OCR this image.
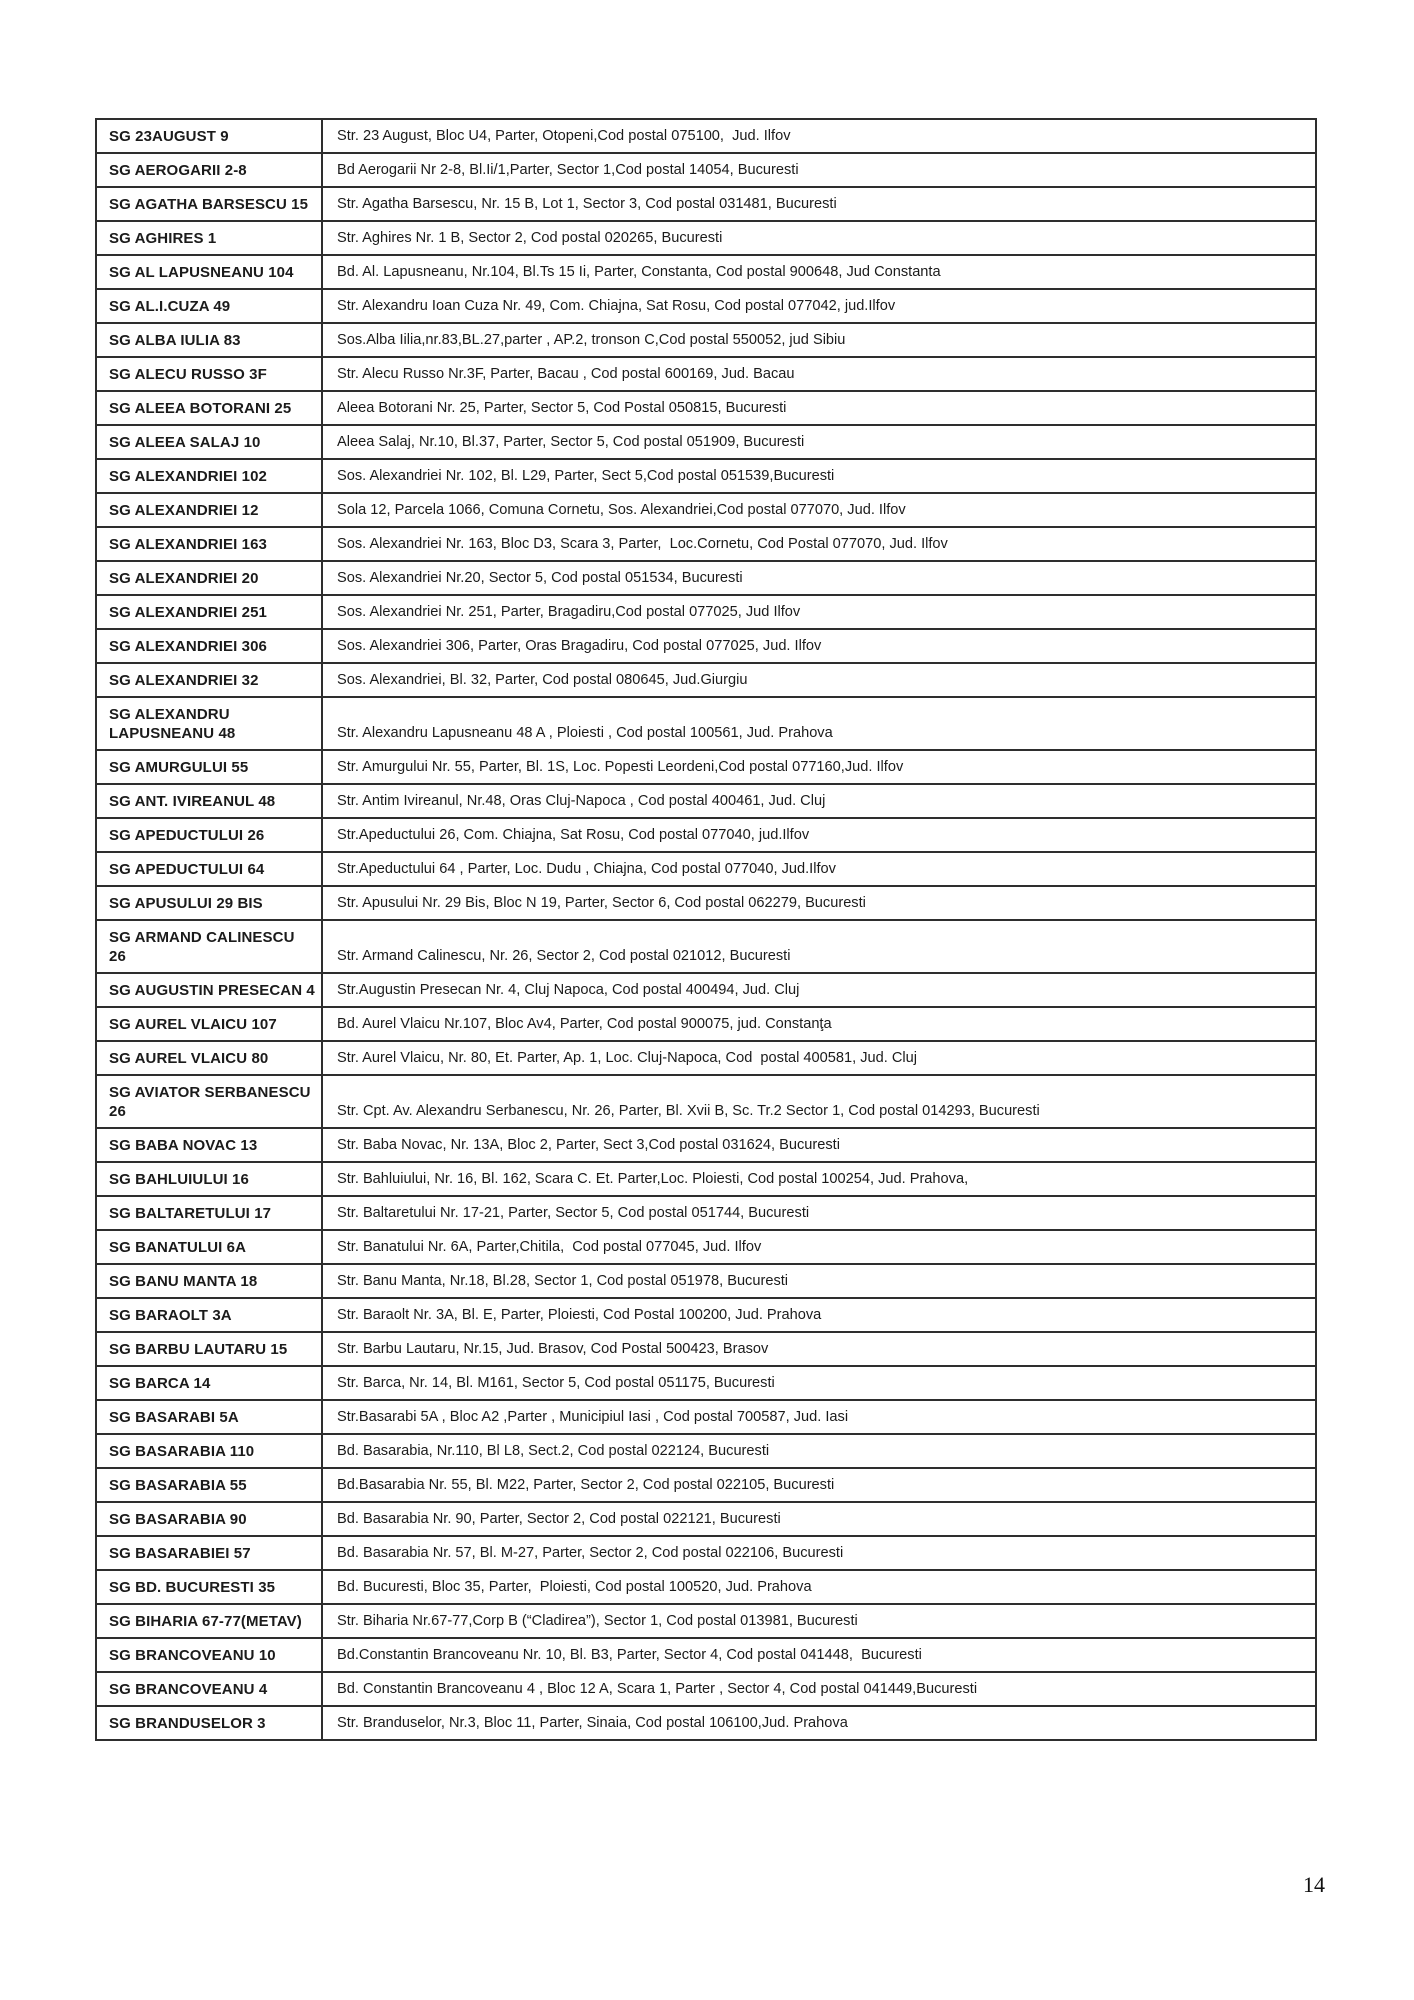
SG 23AUGUST 9	Str. 23 August, Bloc U4, Parter, Otopeni,Cod postal 075100,  Jud. Ilfov
SG AEROGARII 2-8	Bd Aerogarii Nr 2-8, Bl.Ii/1,Parter, Sector 1,Cod postal 14054, Bucuresti
SG AGATHA BARSESCU 15	Str. Agatha Barsescu, Nr. 15 B, Lot 1, Sector 3, Cod postal 031481, Bucuresti
SG AGHIRES 1	Str. Aghires Nr. 1 B, Sector 2, Cod postal 020265, Bucuresti
SG AL LAPUSNEANU 104	Bd. Al. Lapusneanu, Nr.104, Bl.Ts 15 Ii, Parter, Constanta, Cod postal 900648, Jud Constanta
SG AL.I.CUZA 49	Str. Alexandru Ioan Cuza Nr. 49, Com. Chiajna, Sat Rosu, Cod postal 077042, jud.Ilfov
SG ALBA IULIA 83	Sos.Alba Iilia,nr.83,BL.27,parter , AP.2, tronson C,Cod postal 550052, jud Sibiu
SG ALECU RUSSO 3F	Str. Alecu Russo Nr.3F, Parter, Bacau , Cod postal 600169, Jud. Bacau
SG ALEEA BOTORANI 25	Aleea Botorani Nr. 25, Parter, Sector 5, Cod Postal 050815, Bucuresti
SG ALEEA SALAJ 10	Aleea Salaj, Nr.10, Bl.37, Parter, Sector 5, Cod postal 051909, Bucuresti
SG ALEXANDRIEI 102	Sos. Alexandriei Nr. 102, Bl. L29, Parter, Sect 5,Cod postal 051539,Bucuresti
SG ALEXANDRIEI 12	Sola 12, Parcela 1066, Comuna Cornetu, Sos. Alexandriei,Cod postal 077070, Jud. Ilfov
SG ALEXANDRIEI 163	Sos. Alexandriei Nr. 163, Bloc D3, Scara 3, Parter,  Loc.Cornetu, Cod Postal 077070, Jud. Ilfov
SG ALEXANDRIEI 20	Sos. Alexandriei Nr.20, Sector 5, Cod postal 051534, Bucuresti
SG ALEXANDRIEI 251	Sos. Alexandriei Nr. 251, Parter, Bragadiru,Cod postal 077025, Jud Ilfov
SG ALEXANDRIEI 306	Sos. Alexandriei 306, Parter, Oras Bragadiru, Cod postal 077025, Jud. Ilfov
SG ALEXANDRIEI 32	Sos. Alexandriei, Bl. 32, Parter, Cod postal 080645, Jud.Giurgiu
SG ALEXANDRU LAPUSNEANU 48	Str. Alexandru Lapusneanu 48 A , Ploiesti , Cod postal 100561, Jud. Prahova
SG AMURGULUI 55	Str. Amurgului Nr. 55, Parter, Bl. 1S, Loc. Popesti Leordeni,Cod postal 077160,Jud. Ilfov
SG ANT. IVIREANUL 48	Str. Antim Ivireanul, Nr.48, Oras Cluj-Napoca , Cod postal 400461, Jud. Cluj
SG APEDUCTULUI 26	Str.Apeductului 26, Com. Chiajna, Sat Rosu, Cod postal 077040, jud.Ilfov
SG APEDUCTULUI 64	Str.Apeductului 64 , Parter, Loc. Dudu , Chiajna, Cod postal 077040, Jud.Ilfov
SG APUSULUI 29 BIS	Str. Apusului Nr. 29 Bis, Bloc N 19, Parter, Sector 6, Cod postal 062279, Bucuresti
SG ARMAND CALINESCU 26	Str. Armand Calinescu, Nr. 26, Sector 2, Cod postal 021012, Bucuresti
SG AUGUSTIN PRESECAN 4	Str.Augustin Presecan Nr. 4, Cluj Napoca, Cod postal 400494, Jud. Cluj
SG AUREL VLAICU 107	Bd. Aurel Vlaicu Nr.107, Bloc Av4, Parter, Cod postal 900075, jud. Constanţa
SG AUREL VLAICU 80	Str. Aurel Vlaicu, Nr. 80, Et. Parter, Ap. 1, Loc. Cluj-Napoca, Cod  postal 400581, Jud. Cluj
SG AVIATOR SERBANESCU 26	Str. Cpt. Av. Alexandru Serbanescu, Nr. 26, Parter, Bl. Xvii B, Sc. Tr.2 Sector 1, Cod postal 014293, Bucuresti
SG BABA NOVAC 13	Str. Baba Novac, Nr. 13A, Bloc 2, Parter, Sect 3,Cod postal 031624, Bucuresti
SG BAHLUIULUI 16	Str. Bahluiului, Nr. 16, Bl. 162, Scara C. Et. Parter,Loc. Ploiesti, Cod postal 100254, Jud. Prahova,
SG BALTARETULUI 17	Str. Baltaretului Nr. 17-21, Parter, Sector 5, Cod postal 051744, Bucuresti
SG BANATULUI 6A	Str. Banatului Nr. 6A, Parter,Chitila,  Cod postal 077045, Jud. Ilfov
SG BANU MANTA 18	Str. Banu Manta, Nr.18, Bl.28, Sector 1, Cod postal 051978, Bucuresti
SG BARAOLT 3A	Str. Baraolt Nr. 3A, Bl. E, Parter, Ploiesti, Cod Postal 100200, Jud. Prahova
SG BARBU LAUTARU 15	Str. Barbu Lautaru, Nr.15, Jud. Brasov, Cod Postal 500423, Brasov
SG BARCA 14	Str. Barca, Nr. 14, Bl. M161, Sector 5, Cod postal 051175, Bucuresti
SG BASARABI 5A	Str.Basarabi 5A , Bloc A2 ,Parter , Municipiul Iasi , Cod postal 700587, Jud. Iasi
SG BASARABIA 110	Bd. Basarabia, Nr.110, Bl L8, Sect.2, Cod postal 022124, Bucuresti
SG BASARABIA 55	Bd.Basarabia Nr. 55, Bl. M22, Parter, Sector 2, Cod postal 022105, Bucuresti
SG BASARABIA 90	Bd. Basarabia Nr. 90, Parter, Sector 2, Cod postal 022121, Bucuresti
SG BASARABIEI 57	Bd. Basarabia Nr. 57, Bl. M-27, Parter, Sector 2, Cod postal 022106, Bucuresti
SG BD. BUCURESTI 35	Bd. Bucuresti, Bloc 35, Parter,  Ploiesti, Cod postal 100520, Jud. Prahova
SG BIHARIA 67-77(METAV)	Str. Biharia Nr.67-77,Corp B (“Cladirea”), Sector 1, Cod postal 013981, Bucuresti
SG BRANCOVEANU 10	Bd.Constantin Brancoveanu Nr. 10, Bl. B3, Parter, Sector 4, Cod postal 041448,  Bucuresti
SG BRANCOVEANU 4	Bd. Constantin Brancoveanu 4 , Bloc 12 A, Scara 1, Parter , Sector 4, Cod postal 041449,Bucuresti
SG BRANDUSELOR 3	Str. Branduselor, Nr.3, Bloc 11, Parter, Sinaia, Cod postal 106100,Jud. Prahova
14
